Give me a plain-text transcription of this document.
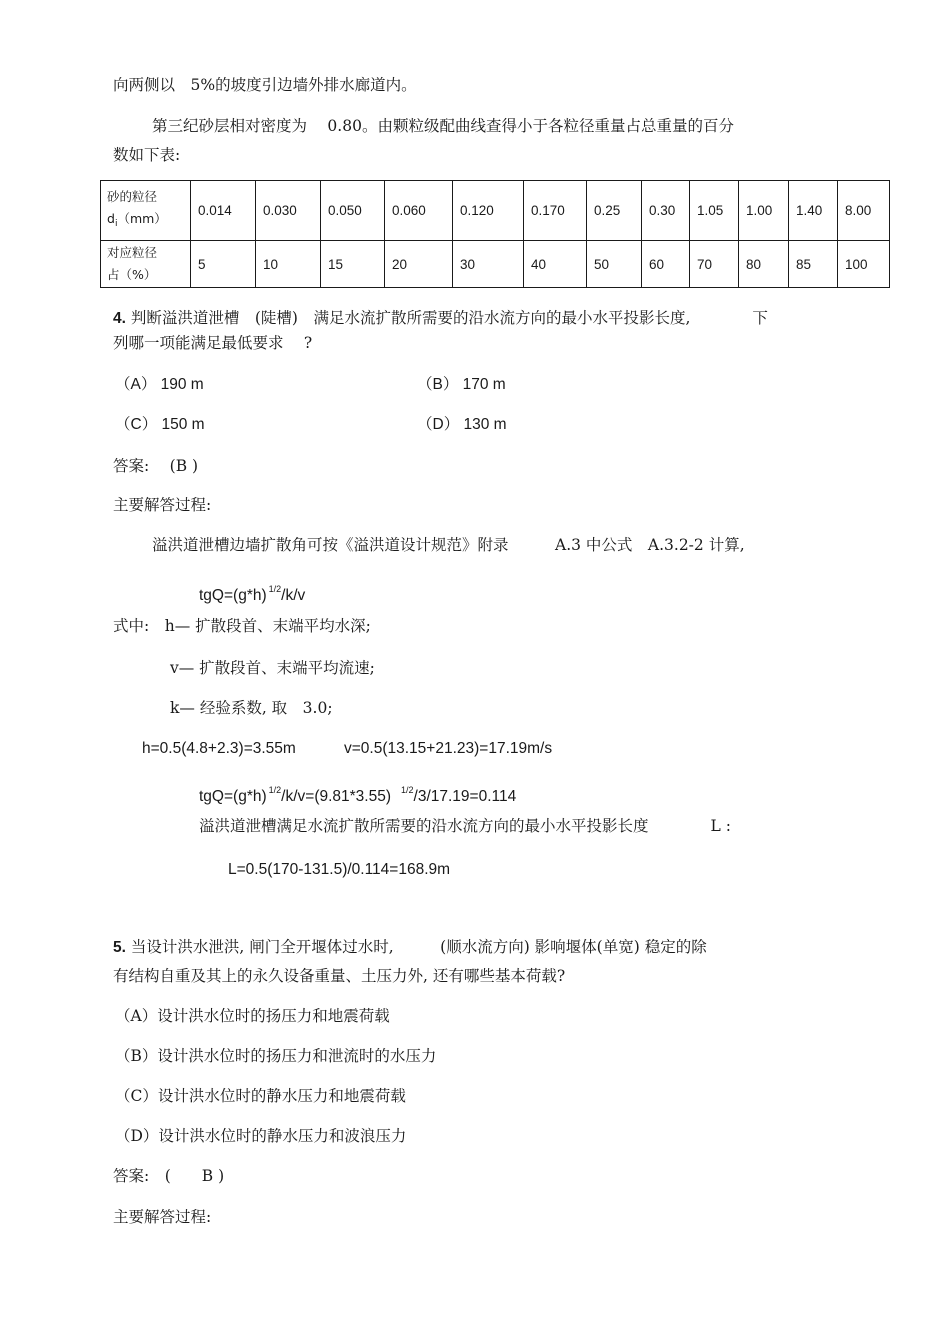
向两侧以　5%的坡度引边墙外排水廊道内。
第三纪砂层相对密度为　 0.80。由颗粒级配曲线查得小于各粒径重量占总重量的百分
数如下表:
砂的粒径
$d_i(mm)$	0.014	0.030	0.050	0.060	0.120	0.170	0.25	0.30	1.05	1.00	1.40	8.00
对应粒径
占（%）	5	10	15	20	30	40	50	60	70	80	85	100
4. 判断溢洪道泄槽　(陡槽)　满足水流扩散所需要的沿水流方向的最小水平投影长度,　　　　下
列哪一项能满足最低要求　 ?
（A） 190 m	（B） 170 m
（C） 150 m	（D） 130 m
答案:　 (B )
主要解答过程:
溢洪道泄槽边墙扩散角可按《溢洪道设计规范》附录　　　A.3 中公式　A.3.2-2 计算,
tgQ=(g*h) $^{1/2}$/k/v
式中:　h— 扩散段首、末端平均水深;
v— 扩散段首、末端平均流速;
k— 经验系数, 取　3.0;
h=0.5(4.8+2.3)=3.55m	v=0.5(13.15+21.23)=17.19m/s
tgQ=(g*h) $^{1/2}$/k/v=(9.81*3.55) $^{1/2}$/3/17.19=0.114
溢洪道泄槽满足水流扩散所需要的沿水流方向的最小水平投影长度　　　　L :
L=0.5(170-131.5)/0.114=168.9m
5. 当设计洪水泄洪, 闸门全开堰体过水时,　　　(顺水流方向) 影响堰体(单宽) 稳定的除
有结构自重及其上的永久设备重量、土压力外, 还有哪些基本荷载?
（A）设计洪水位时的扬压力和地震荷载
（B）设计洪水位时的扬压力和泄流时的水压力
（C）设计洪水位时的静水压力和地震荷载
（D）设计洪水位时的静水压力和波浪压力
答案:　(　　B )
主要解答过程:
